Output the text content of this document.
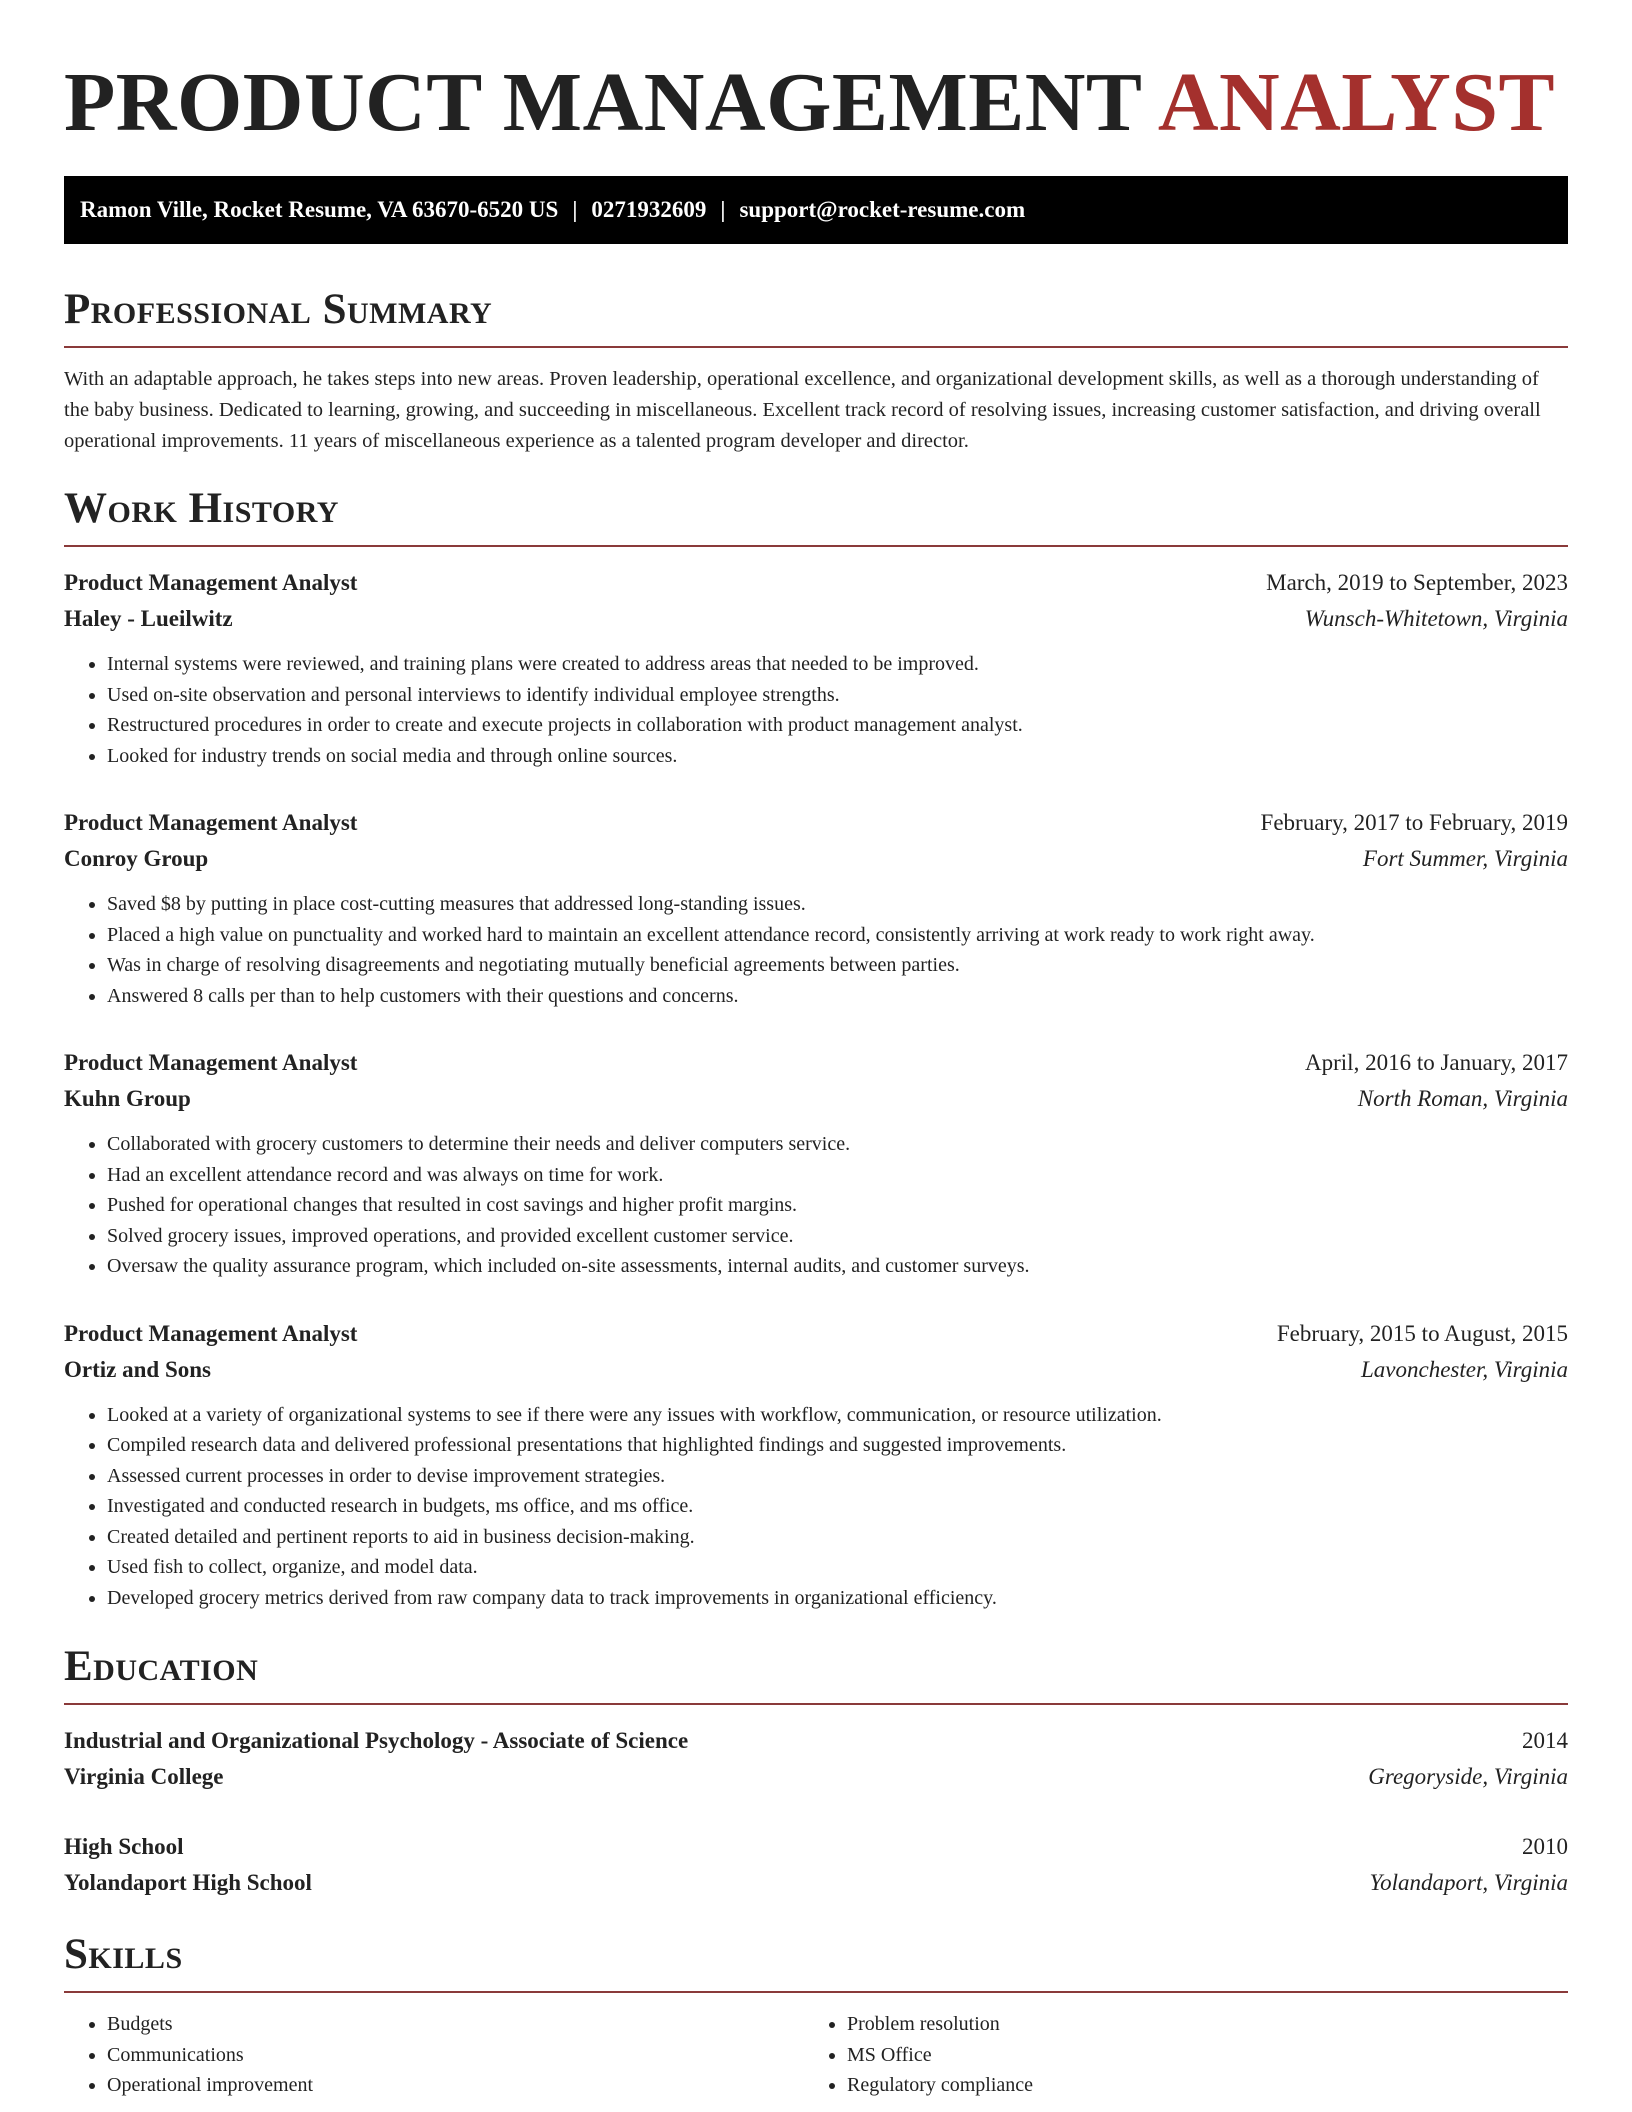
PRODUCT MANAGEMENT ANALYST
Ramon Ville, Rocket Resume, VA 63670-6520 US | 0271932609 | support@rocket-resume.com
Professional Summary

With an adaptable approach, he takes steps into new areas. Proven leadership, operational excellence, and organizational development skills, as well as a thorough understanding of the baby business. Dedicated to learning, growing, and succeeding in miscellaneous. Excellent track record of resolving issues, increasing customer satisfaction, and driving overall operational improvements. 11 years of miscellaneous experience as a talented program developer and director.

Work History
Product Management Analyst	March, 2019 to September, 2023
Haley - Lueilwitz	Wunsch-Whitetown, Virginia
• Internal systems were reviewed, and training plans were created to address areas that needed to be improved.
• Used on-site observation and personal interviews to identify individual employee strengths.
• Restructured procedures in order to create and execute projects in collaboration with product management analyst.
• Looked for industry trends on social media and through online sources.
Product Management Analyst	February, 2017 to February, 2019
Conroy Group	Fort Summer, Virginia
• Saved $8 by putting in place cost-cutting measures that addressed long-standing issues.
• Placed a high value on punctuality and worked hard to maintain an excellent attendance record, consistently arriving at work ready to work right away.
• Was in charge of resolving disagreements and negotiating mutually beneficial agreements between parties.
• Answered 8 calls per than to help customers with their questions and concerns.
Product Management Analyst	April, 2016 to January, 2017
Kuhn Group	North Roman, Virginia
• Collaborated with grocery customers to determine their needs and deliver computers service.
• Had an excellent attendance record and was always on time for work.
• Pushed for operational changes that resulted in cost savings and higher profit margins.
• Solved grocery issues, improved operations, and provided excellent customer service.
• Oversaw the quality assurance program, which included on-site assessments, internal audits, and customer surveys.
Product Management Analyst	February, 2015 to August, 2015
Ortiz and Sons	Lavonchester, Virginia
• Looked at a variety of organizational systems to see if there were any issues with workflow, communication, or resource utilization.
• Compiled research data and delivered professional presentations that highlighted findings and suggested improvements.
• Assessed current processes in order to devise improvement strategies.
• Investigated and conducted research in budgets, ms office, and ms office.
• Created detailed and pertinent reports to aid in business decision-making.
• Used fish to collect, organize, and model data.
• Developed grocery metrics derived from raw company data to track improvements in organizational efficiency.
Education
Industrial and Organizational Psychology - Associate of Science	2014
Virginia College	Gregoryside, Virginia
High School	2010
Yolandaport High School	Yolandaport, Virginia
Skills
• Budgets
• Communications
• Operational improvement
• Problem resolution
• MS Office
• Regulatory compliance
